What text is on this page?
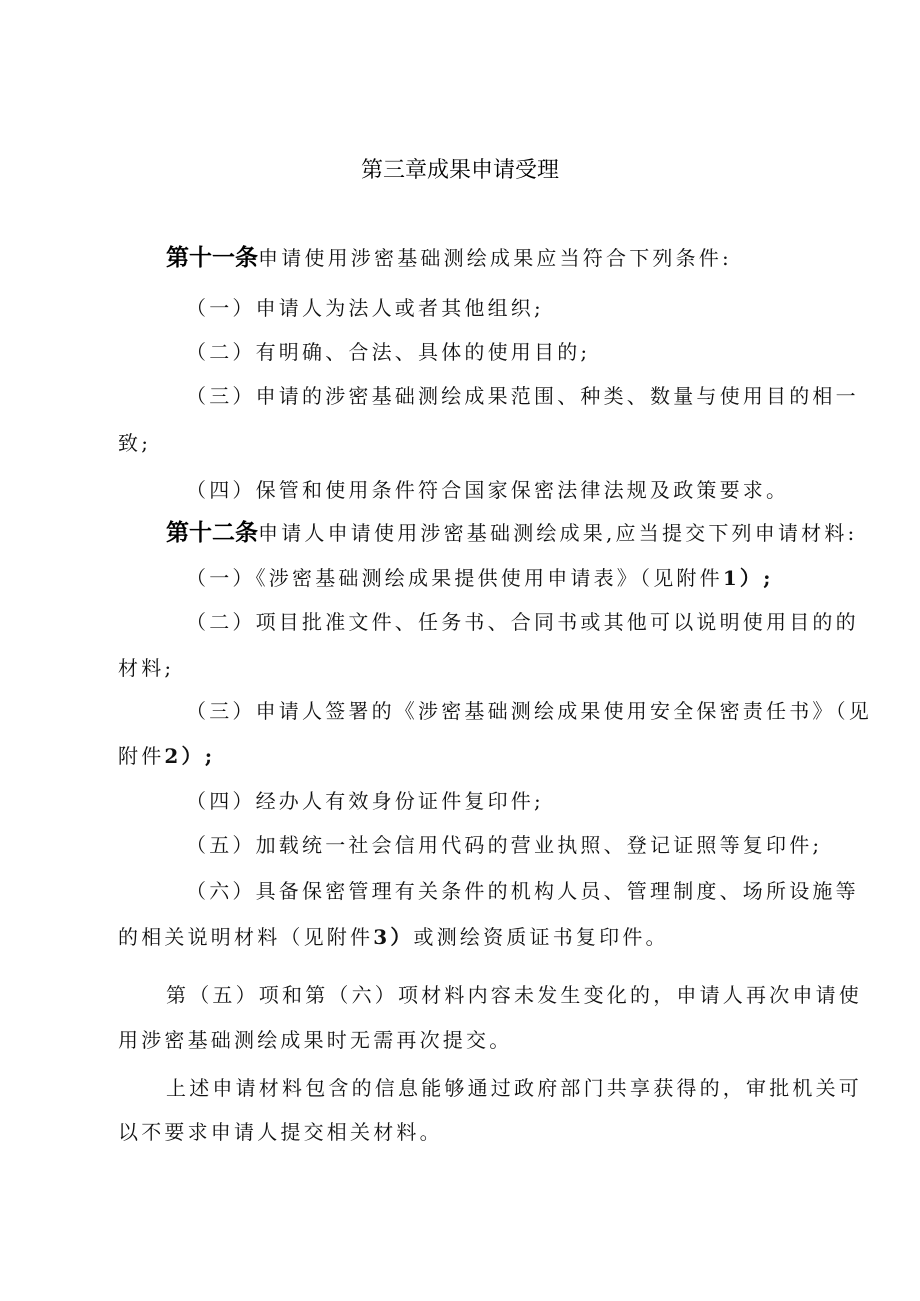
第三章成果申请受理
第十一条申请使用涉密基础测绘成果应当符合下列条件:
（一）申请人为法人或者其他组织;
（二）有明确、合法、具体的使用目的;
（三）申请的涉密基础测绘成果范围、种类、数量与使用目的相一
致;
（四）保管和使用条件符合国家保密法律法规及政策要求。
第十二条申请人申请使用涉密基础测绘成果,应当提交下列申请材料:
（一）《涉密基础测绘成果提供使用申请表》（见附件1）;
（二）项目批准文件、任务书、合同书或其他可以说明使用目的的
材料;
（三）申请人签署的《涉密基础测绘成果使用安全保密责任书》（见
附件2）;
（四）经办人有效身份证件复印件;
（五）加载统一社会信用代码的营业执照、登记证照等复印件;
（六）具备保密管理有关条件的机构人员、管理制度、场所设施等
的相关说明材料（见附件3）或测绘资质证书复印件。
第（五）项和第（六）项材料内容未发生变化的，申请人再次申请使
用涉密基础测绘成果时无需再次提交。
上述申请材料包含的信息能够通过政府部门共享获得的，审批机关可
以不要求申请人提交相关材料。
